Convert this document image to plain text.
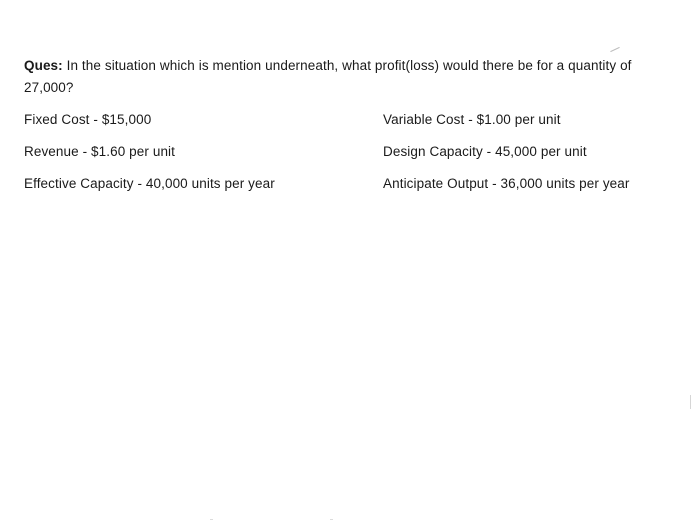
Ques: In the situation which is mention underneath, what profit(loss) would there be for a quantity of 27,000?
Fixed Cost - $15,000	Variable Cost - $1.00 per unit
Revenue - $1.60 per unit	Design Capacity - 45,000 per unit
Effective Capacity - 40,000 units per year	Anticipate Output - 36,000 units per year
